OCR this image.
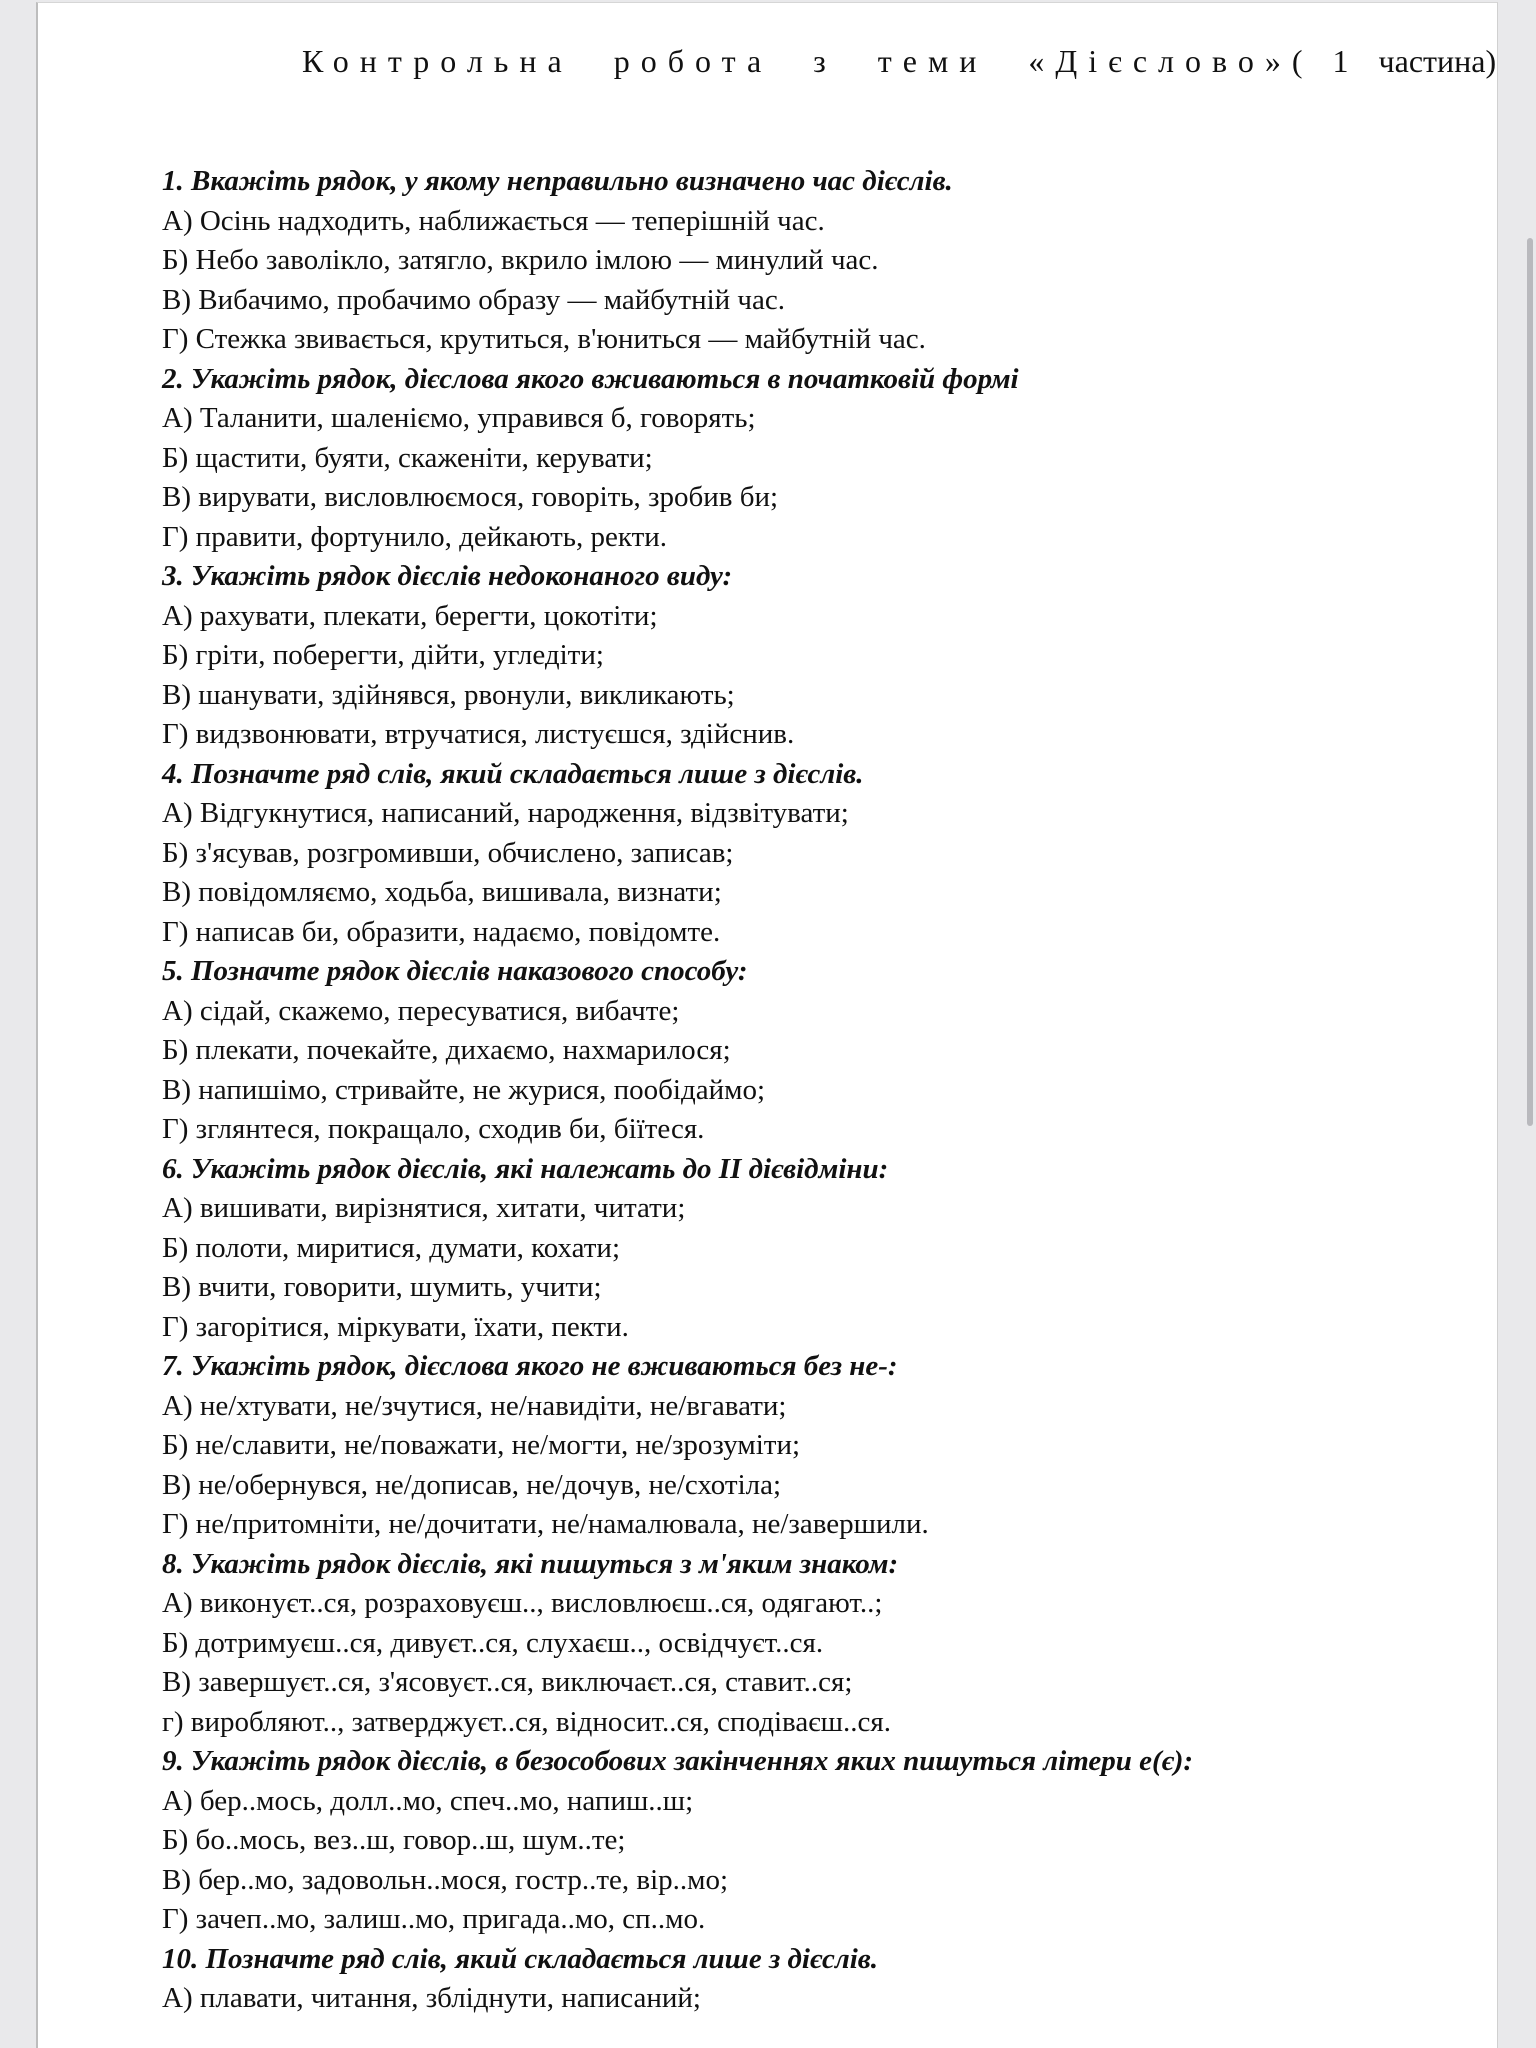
Контрольна робота з теми «Дієслово»( 1 частина)
1. Вкажіть рядок, у якому неправильно визначено час дієслів.
А) Осінь надходить, наближається — теперішній час.
Б) Небо заволікло, затягло, вкрило імлою — минулий час.
В) Вибачимо, пробачимо образу — майбутній час.
Г) Стежка звивається, крутиться, в'юниться — майбутній час.
2. Укажіть рядок, дієслова якого вживаються в початковій формі
А) Таланити, шаленіємо, управився б, говорять;
Б) щастити, буяти, скаженіти, керувати;
В) вирувати, висловлюємося, говоріть, зробив би;
Г) правити, фортунило, дейкають, ректи.
3. Укажіть рядок дієслів недоконаного виду:
А) рахувати, плекати, берегти, цокотіти;
Б) гріти, поберегти, дійти, угледіти;
В) шанувати, здійнявся, рвонули, викликають;
Г) видзвонювати, втручатися, листуєшся, здійснив.
4. Позначте ряд слів, який складається лише з дієслів.
А) Відгукнутися, написаний, народження, відзвітувати;
Б) з'ясував, розгромивши, обчислено, записав;
В) повідомляємо, ходьба, вишивала, визнати;
Г) написав би, образити, надаємо, повідомте.
5. Позначте рядок дієслів наказового способу:
А) сідай, скажемо, пересуватися, вибачте;
Б) плекати, почекайте, дихаємо, нахмарилося;
В) напишімо, стривайте, не журися, пообідаймо;
Г) зглянтеся, покращало, сходив би, біїтеся.
6. Укажіть рядок дієслів, які належать до ІІ дієвідміни:
А) вишивати, вирізнятися, хитати, читати;
Б) полоти, миритися, думати, кохати;
В) вчити, говорити, шумить, учити;
Г) загорітися, міркувати, їхати, пекти.
7. Укажіть рядок, дієслова якого не вживаються без не-:
А) не/хтувати, не/зчутися, не/навидіти, не/вгавати;
Б) не/славити, не/поважати, не/могти, не/зрозуміти;
В) не/обернувся, не/дописав, не/дочув, не/схотіла;
Г) не/притомніти, не/дочитати, не/намалювала, не/завершили.
8. Укажіть рядок дієслів, які пишуться з м'яким знаком:
А) виконуєт..ся, розраховуєш.., висловлюєш..ся, одягают..;
Б) дотримуєш..ся, дивуєт..ся, слухаєш.., освідчуєт..ся.
В) завершуєт..ся, з'ясовуєт..ся, виключаєт..ся, ставит..ся;
г) виробляют.., затверджуєт..ся, відносит..ся, сподіваєш..ся.
9. Укажіть рядок дієслів, в безособових закінченнях яких пишуться літери е(є):
А) бер..мось, долл..мо, спеч..мо, напиш..ш;
Б) бо..мось, вез..ш, говор..ш, шум..те;
В) бер..мо, задовольн..мося, гостр..те, вір..мо;
Г) зачеп..мо, залиш..мо, пригада..мо, сп..мо.
10. Позначте ряд слів, який складається лише з дієслів.
А) плавати, читання, збліднути, написаний;
